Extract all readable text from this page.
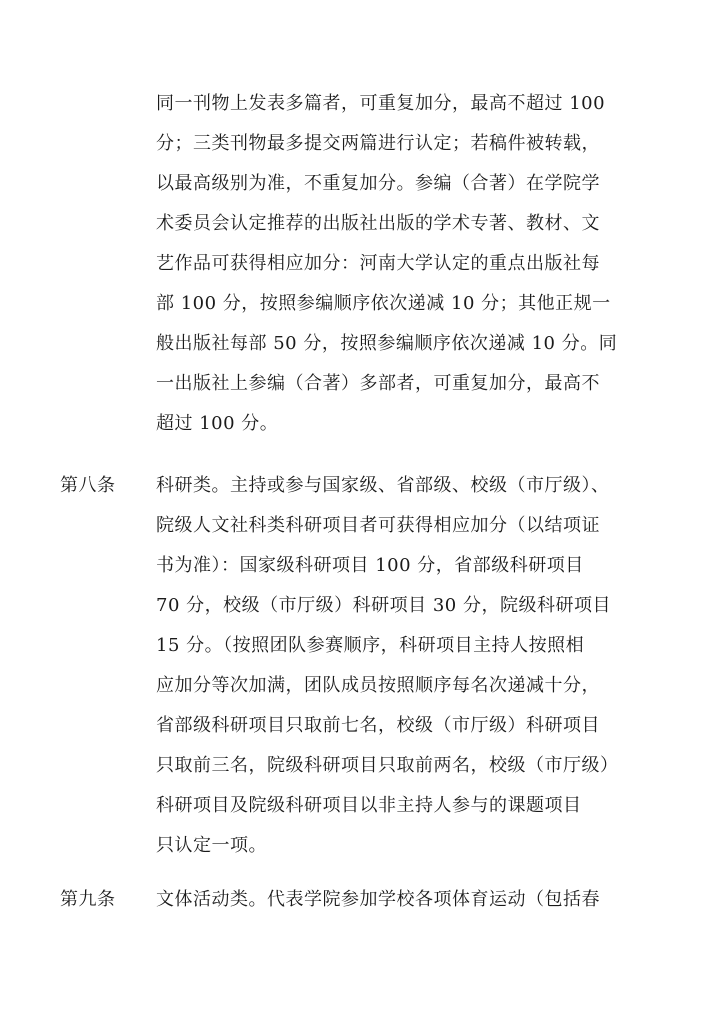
同一刊物上发表多篇者，可重复加分，最高不超过 100
分；三类刊物最多提交两篇进行认定；若稿件被转载，
以最高级别为准，不重复加分。参编（合著）在学院学
术委员会认定推荐的出版社出版的学术专著、教材、文
艺作品可获得相应加分：河南大学认定的重点出版社每
部 100 分，按照参编顺序依次递减 10 分；其他正规一
般出版社每部 50 分，按照参编顺序依次递减 10 分。同
一出版社上参编（合著）多部者，可重复加分，最高不
超过 100 分。
第八条 科研类。主持或参与国家级、省部级、校级（市厅级）、
院级人文社科类科研项目者可获得相应加分（以结项证
书为准）：国家级科研项目 100 分，省部级科研项目
70 分，校级（市厅级）科研项目 30 分，院级科研项目
15 分。（按照团队参赛顺序，科研项目主持人按照相
应加分等次加满，团队成员按照顺序每名次递减十分，
省部级科研项目只取前七名，校级（市厅级）科研项目
只取前三名，院级科研项目只取前两名，校级（市厅级）
科研项目及院级科研项目以非主持人参与的课题项目
只认定一项。
第九条 文体活动类。代表学院参加学校各项体育运动（包括春
